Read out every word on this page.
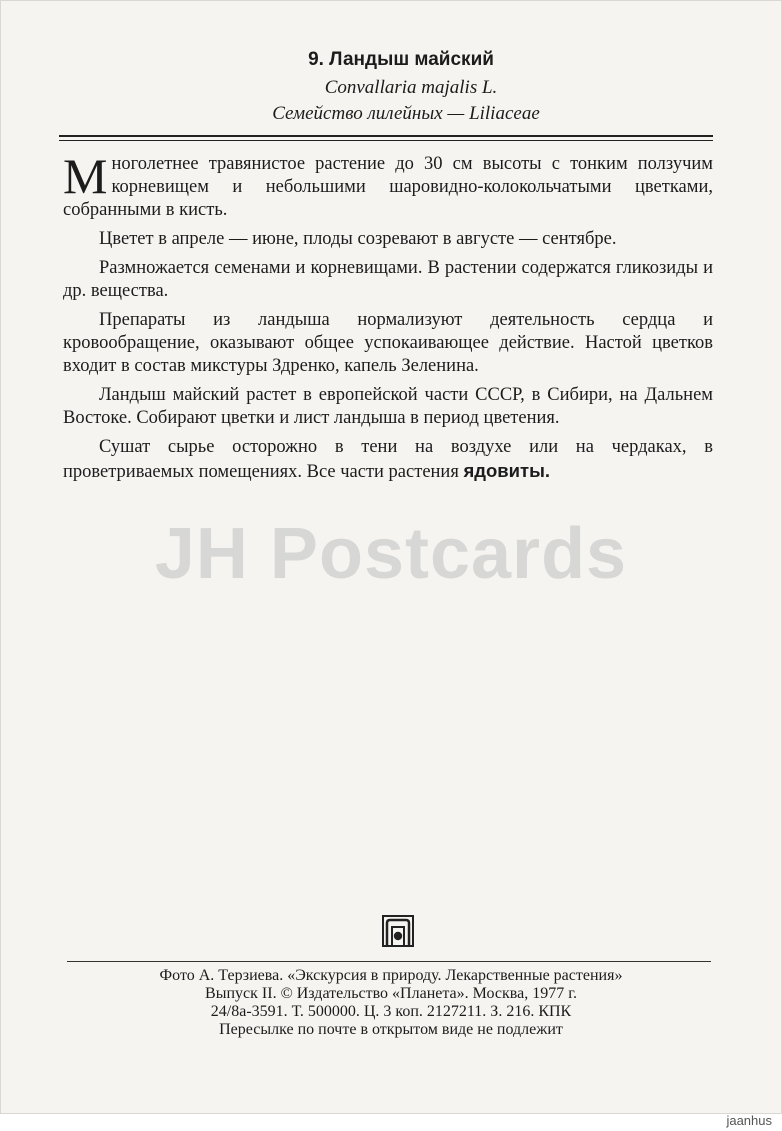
9. Ландыш майский
Convallaria majalis L.
Семейство лилейных — Liliaceae

Многолетнее травянистое растение до 30 см высоты с тонким ползучим корневищем и небольшими шаровидно-колокольчатыми цветками, собранными в кисть.

Цветет в апреле — июне, плоды созревают в августе — сентябре.

Размножается семенами и корневищами. В растении содержатся гликозиды и др. вещества.

Препараты из ландыша нормализуют деятельность сердца и кровообращение, оказывают общее успокаивающее действие. Настой цветков входит в состав микстуры Здренко, капель Зеленина.

Ландыш майский растет в европейской части СССР, в Сибири, на Дальнем Востоке. Собирают цветки и лист ландыша в период цветения.

Сушат сырье осторожно в тени на воздухе или на чердаках, в проветриваемых помещениях. Все части растения ядовиты.

JH Postcards
Фото А. Терзиева. «Экскурсия в природу. Лекарственные растения»
Выпуск II. © Издательство «Планета». Москва, 1977 г.
24/8а-3591. Т. 500000. Ц. 3 коп. 2127211. З. 216. КПК
Пересылке по почте в открытом виде не подлежит
jaanhus
